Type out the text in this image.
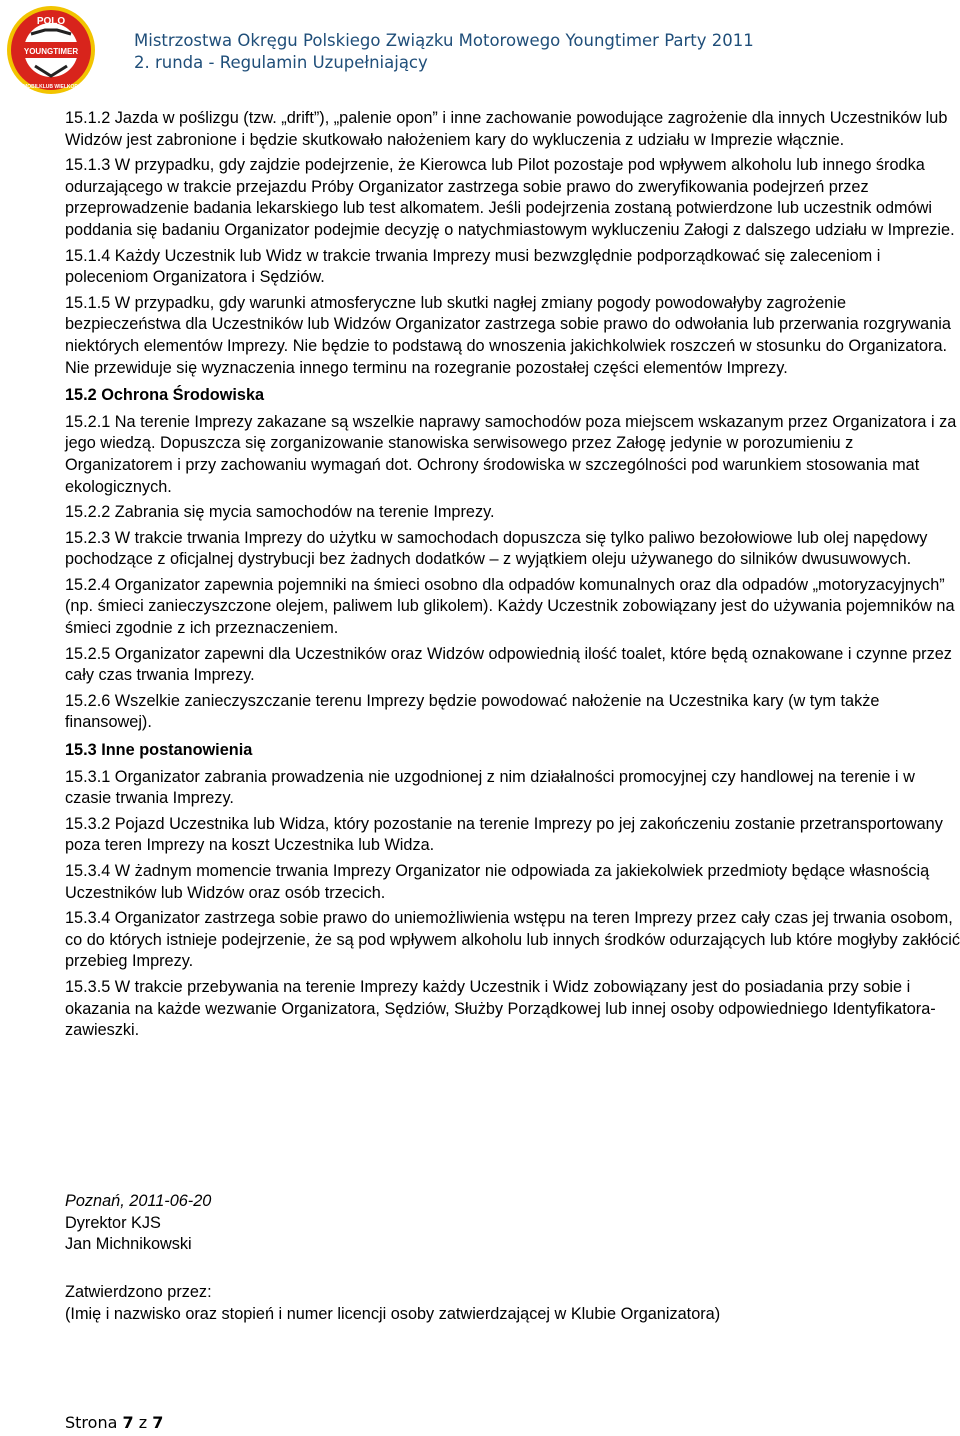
POLO
YOUNGTIMER
AUTOMOBILKLUB WIELKOPOLSKI
Mistrzostwa Okręgu Polskiego Związku Motorowego Youngtimer Party 2011
2. runda - Regulamin Uzupełniający

15.1.2 Jazda w poślizgu (tzw. „drift”), „palenie opon” i inne zachowanie powodujące zagrożenie dla innych Uczestników lub Widzów jest zabronione i będzie skutkowało nałożeniem kary do wykluczenia z udziału w Imprezie włącznie.

15.1.3 W przypadku, gdy zajdzie podejrzenie, że Kierowca lub Pilot pozostaje pod wpływem alkoholu lub innego środka odurzającego w trakcie przejazdu Próby Organizator zastrzega sobie prawo do zweryfikowania podejrzeń przez przeprowadzenie badania lekarskiego lub test alkomatem. Jeśli podejrzenia zostaną potwierdzone lub uczestnik odmówi poddania się badaniu Organizator podejmie decyzję o natychmiastowym wykluczeniu Załogi z dalszego udziału w Imprezie.

15.1.4 Każdy Uczestnik lub Widz w trakcie trwania Imprezy musi bezwzględnie podporządkować się zaleceniom i poleceniom Organizatora i Sędziów.

15.1.5 W przypadku, gdy warunki atmosferyczne lub skutki nagłej zmiany pogody powodowałyby zagrożenie bezpieczeństwa dla Uczestników lub Widzów Organizator zastrzega sobie prawo do odwołania lub przerwania rozgrywania niektórych elementów Imprezy. Nie będzie to podstawą do wnoszenia jakichkolwiek roszczeń w stosunku do Organizatora. Nie przewiduje się wyznaczenia innego terminu na rozegranie pozostałej części elementów Imprezy.

15.2 Ochrona Środowiska

15.2.1 Na terenie Imprezy zakazane są wszelkie naprawy samochodów poza miejscem wskazanym przez Organizatora i za jego wiedzą. Dopuszcza się zorganizowanie stanowiska serwisowego przez Załogę jedynie w porozumieniu z Organizatorem i przy zachowaniu wymagań dot. Ochrony środowiska w szczególności pod warunkiem stosowania mat ekologicznych.

15.2.2 Zabrania się mycia samochodów na terenie Imprezy.

15.2.3 W trakcie trwania Imprezy do użytku w samochodach dopuszcza się tylko paliwo bezołowiowe lub olej napędowy pochodzące z oficjalnej dystrybucji bez żadnych dodatków – z wyjątkiem oleju używanego do silników dwusuwowych.

15.2.4 Organizator zapewnia pojemniki na śmieci osobno dla odpadów komunalnych oraz dla odpadów „motoryzacyjnych” (np. śmieci zanieczyszczone olejem, paliwem lub glikolem). Każdy Uczestnik zobowiązany jest do używania pojemników na śmieci zgodnie z ich przeznaczeniem.

15.2.5 Organizator zapewni dla Uczestników oraz Widzów odpowiednią ilość toalet, które będą oznakowane i czynne przez cały czas trwania Imprezy.

15.2.6 Wszelkie zanieczyszczanie terenu Imprezy będzie powodować nałożenie na Uczestnika kary (w tym także finansowej).

15.3 Inne postanowienia

15.3.1 Organizator zabrania prowadzenia nie uzgodnionej z nim działalności promocyjnej czy handlowej na terenie i w czasie trwania Imprezy.

15.3.2 Pojazd Uczestnika lub Widza, który pozostanie na terenie Imprezy po jej zakończeniu zostanie przetransportowany poza teren Imprezy na koszt Uczestnika lub Widza.

15.3.4 W żadnym momencie trwania Imprezy Organizator nie odpowiada za jakiekolwiek przedmioty będące własnością Uczestników lub Widzów oraz osób trzecich.

15.3.4 Organizator zastrzega sobie prawo do uniemożliwienia wstępu na teren Imprezy przez cały czas jej trwania osobom, co do których istnieje podejrzenie, że są pod wpływem alkoholu lub innych środków odurzających lub które mogłyby zakłócić przebieg Imprezy.

15.3.5 W trakcie przebywania na terenie Imprezy każdy Uczestnik i Widz zobowiązany jest do posiadania przy sobie i okazania na każde wezwanie Organizatora, Sędziów, Służby Porządkowej lub innej osoby odpowiedniego Identyfikatora-zawieszki.

Poznań, 2011-06-20
Dyrektor KJS
Jan Michnikowski
Zatwierdzono przez:
(Imię i nazwisko oraz stopień i numer licencji osoby zatwierdzającej w Klubie Organizatora)
Strona 7 z 7
